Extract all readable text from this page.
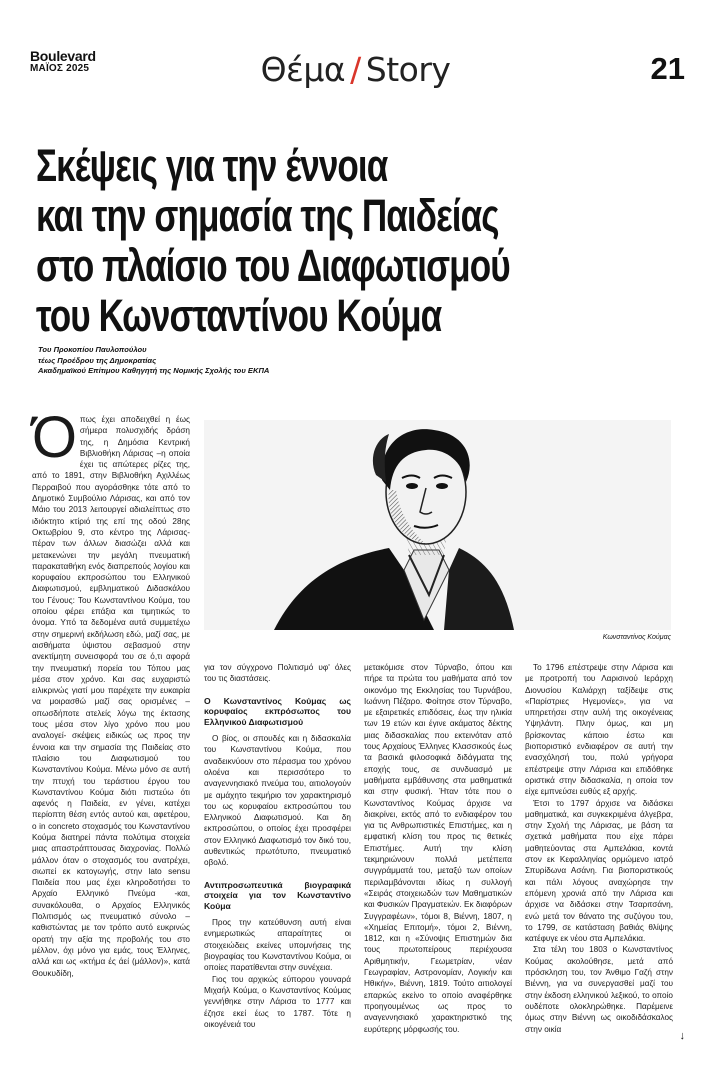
Boulevard
ΜΑΪΟΣ 2025	Θέμα / Story	21
Σκέψεις για την έννοια
και την σημασία της Παιδείας
στο πλαίσιο του Διαφωτισμού
του Κωνσταντίνου Κούμα
Του Προκοπίου Παυλοπούλου
τέως Προέδρου της Δημοκρατίας
Ακαδημαϊκού Επίτιμου Καθηγητή της Νομικής Σχολής του ΕΚΠΑ
Κωνσταντίνος Κούμας

Όπως έχει αποδειχθεί η έως σήμερα πολυσχιδής δράση της, η Δημόσια Κεντρική Βιβλιοθήκη Λάρισας –η οποία έχει τις απώτερες ρίζες της, από το 1891, στην Βιβλιοθήκη Αχιλλέως Περραιβού που αγοράσθηκε τότε από το Δημοτικό Συμβούλιο Λάρισας, και από τον Μάιο του 2013 λειτουργεί αδιαλείπτως στο ιδιόκτητο κτίριό της επί της οδού 28ης Οκτωβρίου 9, στο κέντρο της Λάρισας- πέραν των άλλων διασώζει αλλά και μετακενώνει την μεγάλη πνευματική παρακαταθήκη ενός διαπρεπούς λογίου και κορυφαίου εκπροσώπου του Ελληνικού Διαφωτισμού, εμβληματικού Διδασκάλου του Γένους: Του Κωνσταντίνου Κούμα, του οποίου φέρει επάξια και τιμητικώς το όνομα. Υπό τα δεδομένα αυτά συμμετέχω στην σημερινή εκδήλωση εδώ, μαζί σας, με αισθήματα ύψιστου σεβασμού στην ανεκτίμητη συνεισφορά του σε ό,τι αφορά την πνευματική πορεία του Τόπου μας μέσα στον χρόνο. Και σας ευχαριστώ ειλικρινώς γιατί μου παρέχετε την ευκαιρία να μοιρασθώ μαζί σας ορισμένες –οπωσδήποτε ατελείς λόγω της έκτασης τους μέσα στον λίγο χρόνο που μου αναλογεί- σκέψεις ειδικώς ως προς την έννοια και την σημασία της Παιδείας στο πλαίσιο του Διαφωτισμού του Κωνσταντίνου Κούμα. Μένω μόνο σε αυτή την πτυχή του τεράστιου έργου του Κωνσταντίνου Κούμα διότι πιστεύω ότι αφενός η Παιδεία, εν γένει, κατέχει περίοπτη θέση εντός αυτού και, αφετέρου, ο in concreto στοχασμός του Κωνσταντίνου Κούμα διατηρεί πάντα πολύτιμα στοιχεία μιας απαστράπτουσας διαχρονίας. Πολλώ μάλλον όταν ο στοχασμός του ανατρέχει, σιωπεί εκ κατογωγής, στην lato sensu Παιδεία που μας έχει κληροδοτήσει το Αρχαίο Ελληνικό Πνεύμα -και, συνακόλουθα, ο Αρχαίος Ελληνικός Πολιτισμός ως πνευματικό σύνολο –καθιστώντας με τον τρόπο αυτό ευκρινώς ορατή την αξία της προβολής του στο μέλλον, όχι μόνο για εμάς, τους Έλληνες, αλλά και ως «κτήμα ές άεί (μάλλον)», κατά Θουκυδίδη,

για τον σύγχρονο Πολιτισμό υφ' όλες του τις διαστάσεις.

Ο Κωνσταντίνος Κούμας ως κορυφαίος εκπρόσωπος του Ελληνικού Διαφωτισμού

Ο βίος, οι σπουδές και η διδασκαλία του Κωνσταντίνου Κούμα, που αναδεικνύουν στο πέρασμα του χρόνου ολοένα και περισσότερο το αναγεννησιακό πνεύμα του, αιτιολογούν με αμάχητο τεκμήριο τον χαρακτηρισμό του ως κορυφαίου εκπροσώπου του Ελληνικού Διαφωτισμού. Και δη εκπροσώπου, ο οποίος έχει προσφέρει στον Ελληνικό Διαφωτισμό τον δικό του, αυθεντικώς πρωτότυπο, πνευματικό οβολό.

Αντιπροσωπευτικά βιογραφικά στοιχεία για τον Κωνσταντίνο Κούμα

Προς την κατεύθυνση αυτή είναι ενημερωτικώς απαραίτητες οι στοιχειώδεις εκείνες υπομνήσεις της βιογραφίας του Κωνσταντίνου Κούμα, οι οποίες παρατίθενται στην συνέχεια.

Γιος του αρχικώς εύπορου γουναρά Μιχαήλ Κούμα, ο Κωνσταντίνος Κούμας γεννήθηκε στην Λάρισα το 1777 και έζησε εκεί έως το 1787. Τότε η οικογένειά του

μετακόμισε στον Τύρναβο, όπου και πήρε τα πρώτα του μαθήματα από τον οικονόμο της Εκκλησίας του Τυρνάβου, Ιωάννη Πέζαρο. Φοίτησε στον Τύρναβο, με εξαιρετικές επιδόσεις, έως την ηλικία των 19 ετών και έγινε ακάματος δέκτης μιας διδασκαλίας που εκτεινόταν από τους Αρχαίους Έλληνες Κλασσικούς έως τα βασικά φιλοσοφικά διδάγματα της εποχής τους, σε συνδυασμό με μαθήματα εμβάθυνσης στα μαθηματικά και στην φυσική. Ήταν τότε που ο Κωνσταντίνος Κούμας άρχισε να διακρίνει, εκτός από το ενδιαφέρον του για τις Ανθρωπιστικές Επιστήμες, και η εμφατική κλίση του προς τις θετικές Επιστήμες. Αυτή την κλίση τεκμηριώνουν πολλά μετέπειτα συγγράμματά του, μεταξύ των οποίων περιλαμβάνονται ιδίως η συλλογή «Σειράς στοιχειωδών των Μαθηματικών και Φυσικών Πραγματειών. Εκ διαφόρων Συγγραφέων», τόμοι 8, Βιέννη, 1807, η «Χημείας Επιτομή», τόμοι 2, Βιέννη, 1812, και η «Σύνοψις Επιστημών δια τους πρωτοπείρους περιέχουσα Αριθμητικήν, Γεωμετρίαν, νέαν Γεωγραφίαν, Αστρονομίαν, Λογικήν και Ηθικήν», Βιέννη, 1819. Τούτο αιτιολογεί επαρκώς εκείνο το οποίο αναφέρθηκε προηγουμένως ως προς το αναγεννησιακό χαρακτηριστικό της ευρύτερης μόρφωσής του.

Το 1796 επέστρεψε στην Λάρισα και με προτροπή του Λαρισινού Ιεράρχη Διονυσίου Καλιάρχη ταξίδεψε στις «Παρίστριες Ηγεμονίες», για να υπηρετήσει στην αυλή της οικογένειας Υψηλάντη. Πλην όμως, και μη βρίσκοντας κάποιο έστω και βιοποριστικό ενδιαφέρον σε αυτή την ενασχόλησή του, πολύ γρήγορα επέστρεψε στην Λάρισα και επιδόθηκε οριστικά στην διδασκαλία, η οποία τον είχε εμπνεύσει ευθύς εξ αρχής.

Έτσι το 1797 άρχισε να διδάσκει μαθηματικά, και συγκεκριμένα άλγεβρα, στην Σχολή της Λάρισας, με βάση τα σχετικά μαθήματα που είχε πάρει μαθητεύοντας στα Αμπελάκια, κοντά στον εκ Κεφαλληνίας ορμώμενο ιατρό Σπυρίδωνα Ασάνη. Για βιοποριστικούς και πάλι λόγους αναχώρησε την επόμενη χρονιά από την Λάρισα και άρχισε να διδάσκει στην Τσαριτσάνη, ενώ μετά τον θάνατο της συζύγου του, το 1799, σε κατάσταση βαθιάς θλίψης κατέφυγε εκ νέου στα Αμπελάκια.

Στα τέλη του 1803 ο Κωνσταντίνος Κούμας ακολούθησε, μετά από πρόσκληση του, τον Άνθιμο Γαζή στην Βιέννη, για να συνεργασθεί μαζί του στην έκδοση ελληνικού λεξικού, το οποίο ουδέποτε ολοκληρώθηκε. Παρέμεινε όμως στην Βιέννη ως οικοδιδάσκαλος στην οικία

↓
